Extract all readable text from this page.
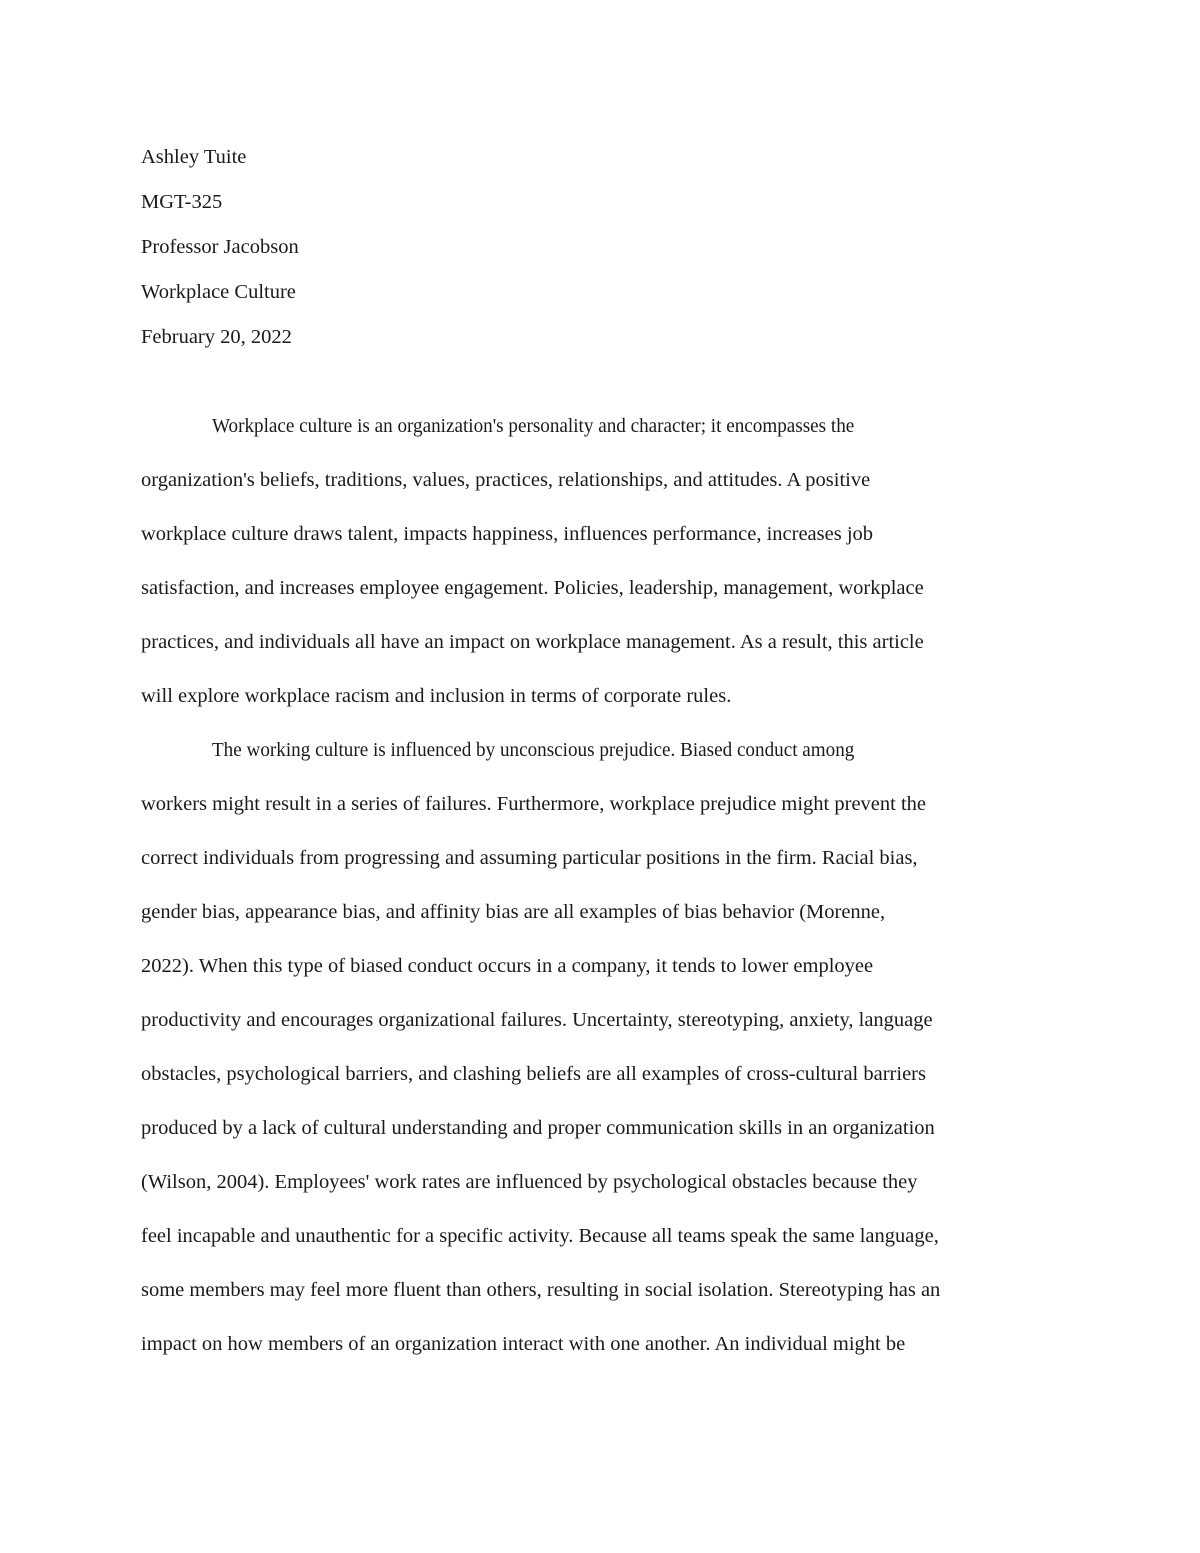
Ashley Tuite
MGT-325
Professor Jacobson
Workplace Culture
February 20, 2022
Workplace culture is an organization's personality and character; it encompasses the
organization's beliefs, traditions, values, practices, relationships, and attitudes. A positive
workplace culture draws talent, impacts happiness, influences performance, increases job
satisfaction, and increases employee engagement. Policies, leadership, management, workplace
practices, and individuals all have an impact on workplace management. As a result, this article
will explore workplace racism and inclusion in terms of corporate rules.
The working culture is influenced by unconscious prejudice. Biased conduct among
workers might result in a series of failures. Furthermore, workplace prejudice might prevent the
correct individuals from progressing and assuming particular positions in the firm. Racial bias,
gender bias, appearance bias, and affinity bias are all examples of bias behavior (Morenne,
2022). When this type of biased conduct occurs in a company, it tends to lower employee
productivity and encourages organizational failures. Uncertainty, stereotyping, anxiety, language
obstacles, psychological barriers, and clashing beliefs are all examples of cross-cultural barriers
produced by a lack of cultural understanding and proper communication skills in an organization
(Wilson, 2004). Employees' work rates are influenced by psychological obstacles because they
feel incapable and unauthentic for a specific activity. Because all teams speak the same language,
some members may feel more fluent than others, resulting in social isolation. Stereotyping has an
impact on how members of an organization interact with one another. An individual might be
